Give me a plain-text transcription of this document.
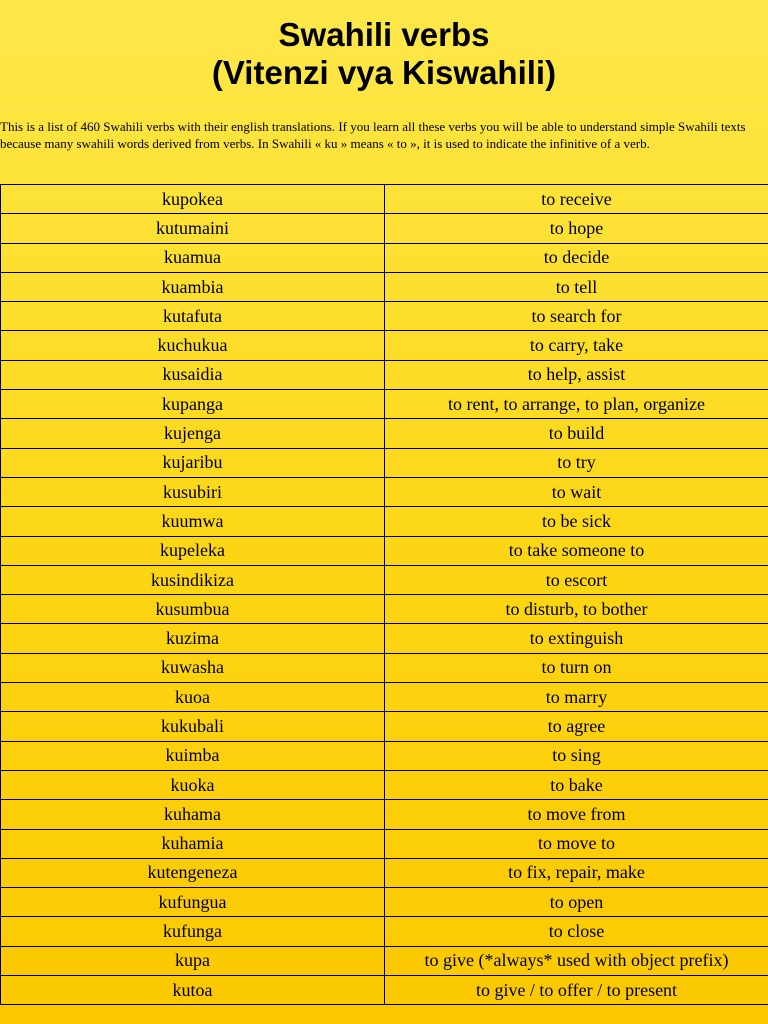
Swahili verbs
(Vitenzi vya Kiswahili)

This is a list of 460 Swahili verbs with their english translations. If you learn all these verbs you will be able to understand simple Swahili texts because many swahili words derived from verbs. In Swahili « ku » means « to », it is used to indicate the infinitive of a verb.

kupokea	to receive
kutumaini	to hope
kuamua	to decide
kuambia	to tell
kutafuta	to search for
kuchukua	to carry, take
kusaidia	to help, assist
kupanga	to rent, to arrange, to plan, organize
kujenga	to build
kujaribu	to try
kusubiri	to wait
kuumwa	to be sick
kupeleka	to take someone to
kusindikiza	to escort
kusumbua	to disturb, to bother
kuzima	to extinguish
kuwasha	to turn on
kuoa	to marry
kukubali	to agree
kuimba	to sing
kuoka	to bake
kuhama	to move from
kuhamia	to move to
kutengeneza	to fix, repair, make
kufungua	to open
kufunga	to close
kupa	to give (*always* used with object prefix)
kutoa	to give / to offer / to present
